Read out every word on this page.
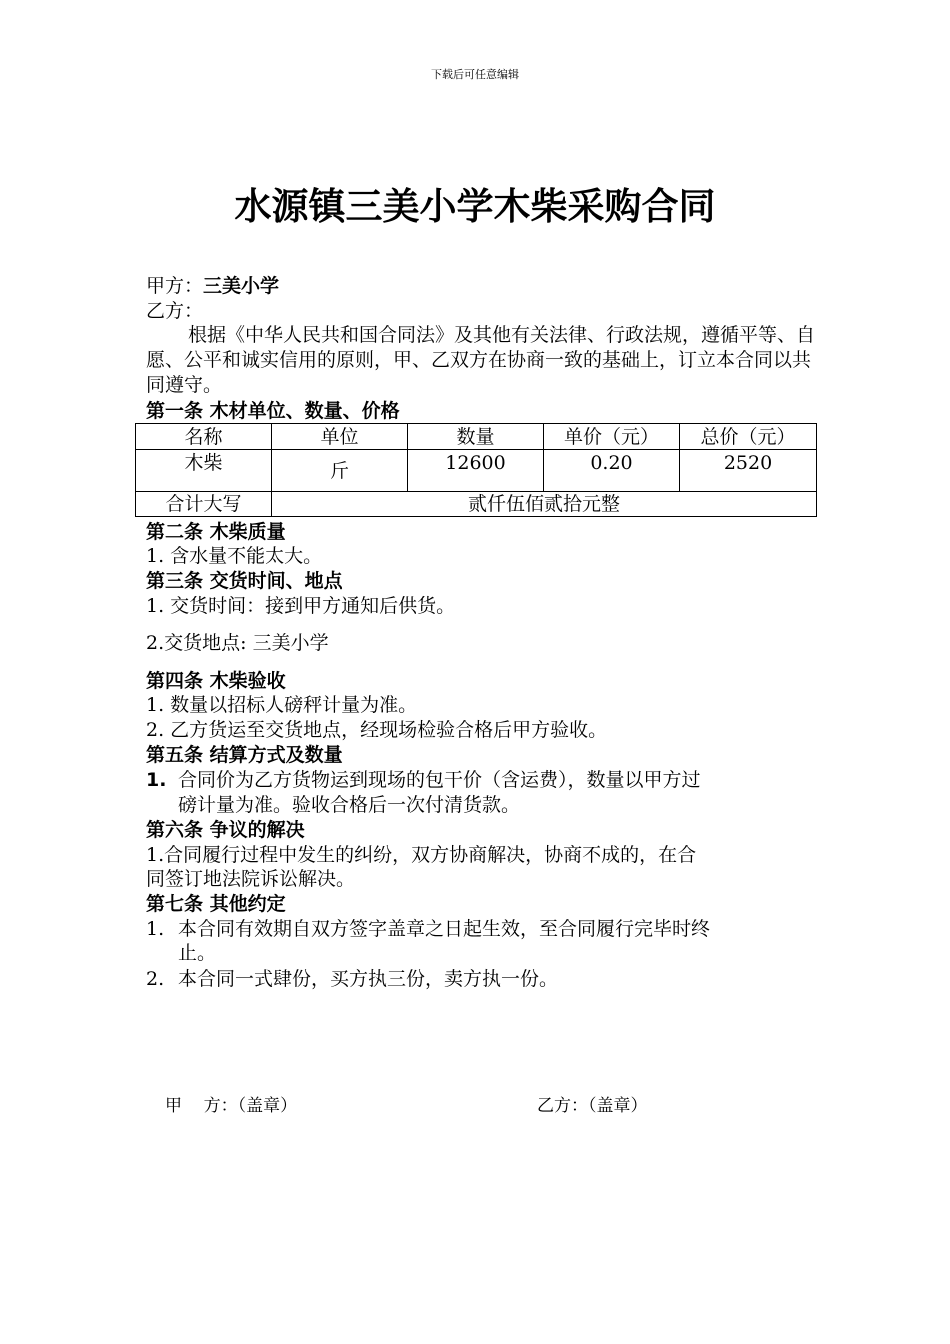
下载后可任意编辑
水源镇三美小学木柴采购合同
甲方：三美小学
乙方：
根据《中华人民共和国合同法》及其他有关法律、行政法规，遵循平等、自愿、公平和诚实信用的原则，甲、乙双方在协商一致的基础上，订立本合同以共同遵守。
第一条 木材单位、数量、价格
名称	单位	数量	单价（元）	总价（元）
木柴	斤	12600	0.20	2520
合计大写	贰仟伍佰贰拾元整			
第二条 木柴质量
1. 含水量不能太大。
第三条 交货时间、地点
1. 交货时间：接到甲方通知后供货。
2.交货地点: 三美小学
第四条 木柴验收
1. 数量以招标人磅秤计量为准。
2. 乙方货运至交货地点，经现场检验合格后甲方验收。
第五条 结算方式及数量
1. 合同价为乙方货物运到现场的包干价（含运费），数量以甲方过
磅计量为准。验收合格后一次付清货款。
第六条 争议的解决
1.合同履行过程中发生的纠纷，双方协商解决，协商不成的，在合
同签订地法院诉讼解决。
第七条 其他约定
1. 本合同有效期自双方签字盖章之日起生效，至合同履行完毕时终
止。
2. 本合同一式肆份，买方执三份，卖方执一份。
甲    方：（盖章）	乙方：（盖章）
